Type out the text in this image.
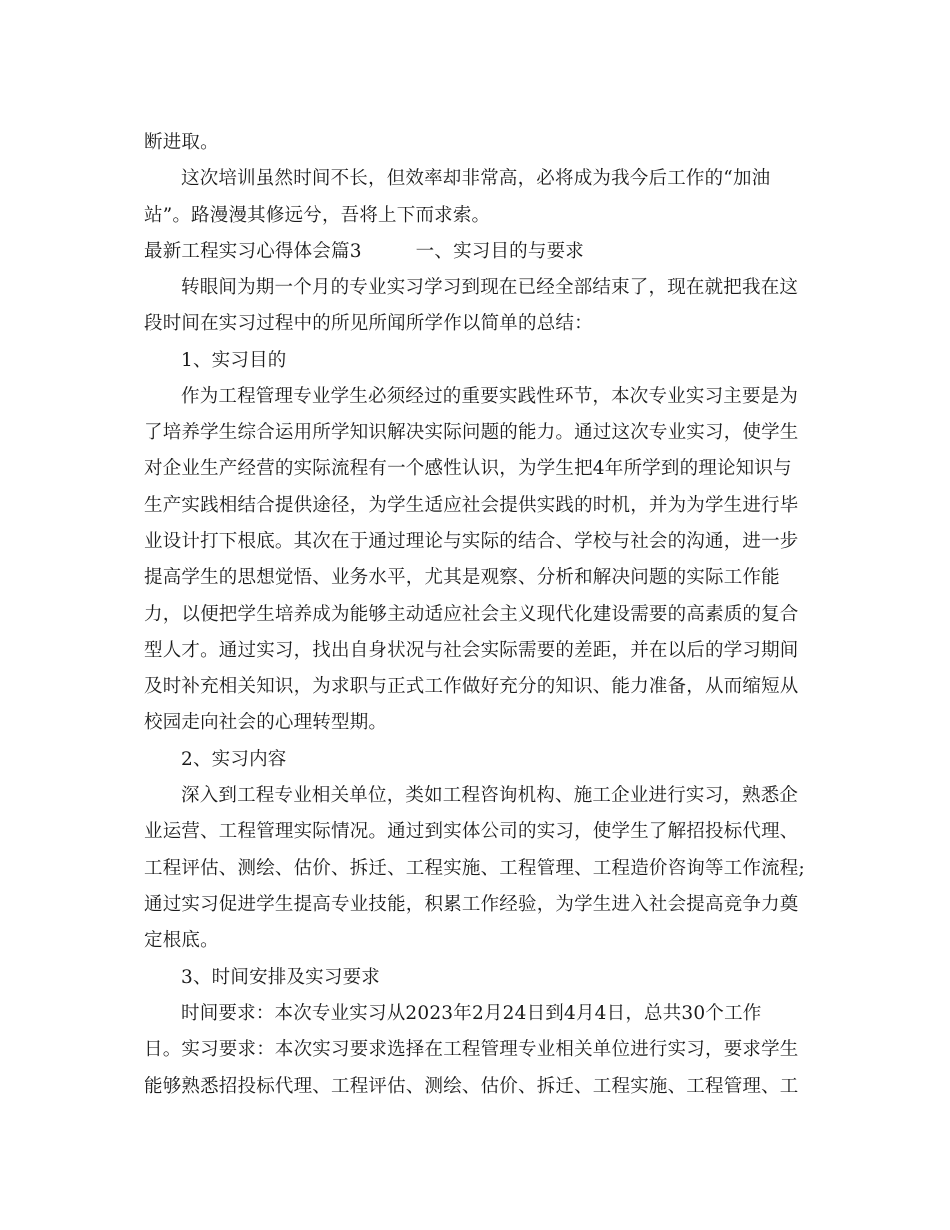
断进取。
这次培训虽然时间不长，但效率却非常高，必将成为我今后工作的“加油
站”。路漫漫其修远兮，吾将上下而求索。
最新工程实习心得体会篇3	一、实习目的与要求
转眼间为期一个月的专业实习学习到现在已经全部结束了，现在就把我在这
段时间在实习过程中的所见所闻所学作以简单的总结：
1、实习目的
作为工程管理专业学生必须经过的重要实践性环节，本次专业实习主要是为
了培养学生综合运用所学知识解决实际问题的能力。通过这次专业实习，使学生
对企业生产经营的实际流程有一个感性认识，为学生把4年所学到的理论知识与
生产实践相结合提供途径，为学生适应社会提供实践的时机，并为为学生进行毕
业设计打下根底。其次在于通过理论与实际的结合、学校与社会的沟通，进一步
提高学生的思想觉悟、业务水平，尤其是观察、分析和解决问题的实际工作能
力，以便把学生培养成为能够主动适应社会主义现代化建设需要的高素质的复合
型人才。通过实习，找出自身状况与社会实际需要的差距，并在以后的学习期间
及时补充相关知识，为求职与正式工作做好充分的知识、能力准备，从而缩短从
校园走向社会的心理转型期。
2、实习内容
深入到工程专业相关单位，类如工程咨询机构、施工企业进行实习，熟悉企
业运营、工程管理实际情况。通过到实体公司的实习，使学生了解招投标代理、
工程评估、测绘、估价、拆迁、工程实施、工程管理、工程造价咨询等工作流程;
通过实习促进学生提高专业技能，积累工作经验，为学生进入社会提高竞争力奠
定根底。
3、时间安排及实习要求
时间要求：本次专业实习从2023年2月24日到4月4日，总共30个工作
日。实习要求：本次实习要求选择在工程管理专业相关单位进行实习，要求学生
能够熟悉招投标代理、工程评估、测绘、估价、拆迁、工程实施、工程管理、工
